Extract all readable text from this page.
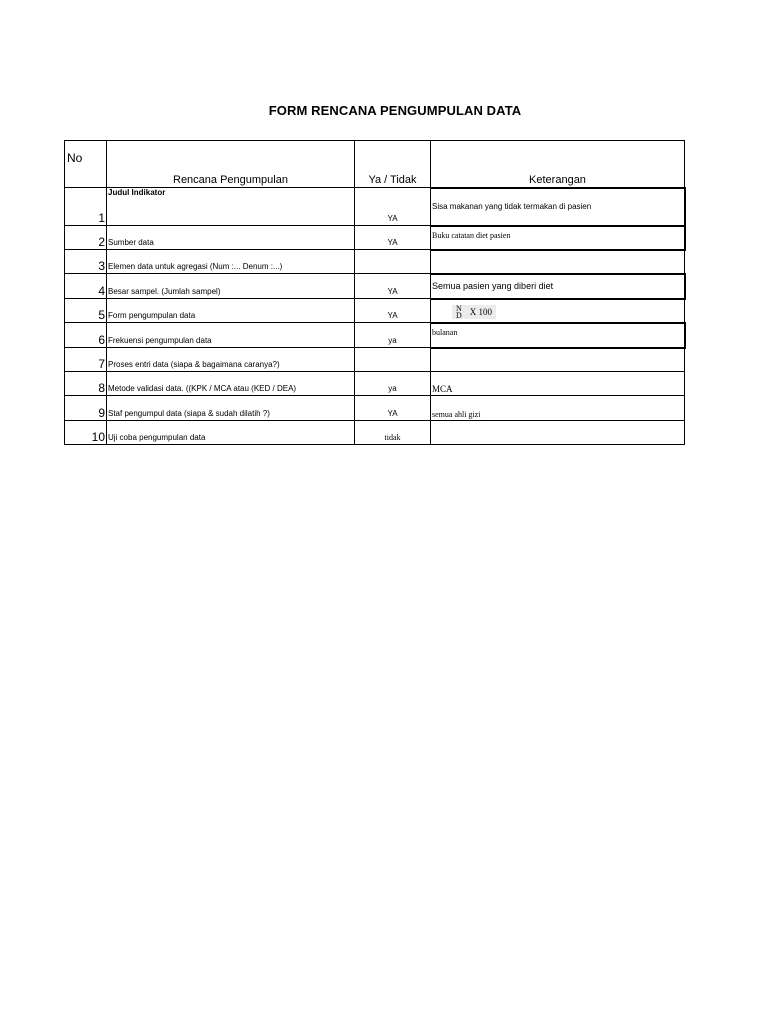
FORM RENCANA PENGUMPULAN DATA
No	Rencana Pengumpulan	Ya / Tidak	Keterangan
1	Judul Indikator	YA	Sisa makanan yang tidak termakan di pasien
2	Sumber data	YA	Buku catatan diet pasien
3	Elemen data untuk agregasi (Num :... Denum :...)		
4	Besar sampel. (Jumlah sampel)	YA	Semua pasien yang diberi diet
5	Form pengumpulan data	YA	N
D X 100

6	Frekuensi pengumpulan data	ya	bulanan
7	Proses entri data (siapa & bagaimana caranya?)		
8	Metode validasi data. ((KPK / MCA atau (KED / DEA)	ya	MCA
9	Staf pengumpul data (siapa & sudah dilatih ?)	YA	semua ahli gizi
10	Uji coba pengumpulan data	tidak	
